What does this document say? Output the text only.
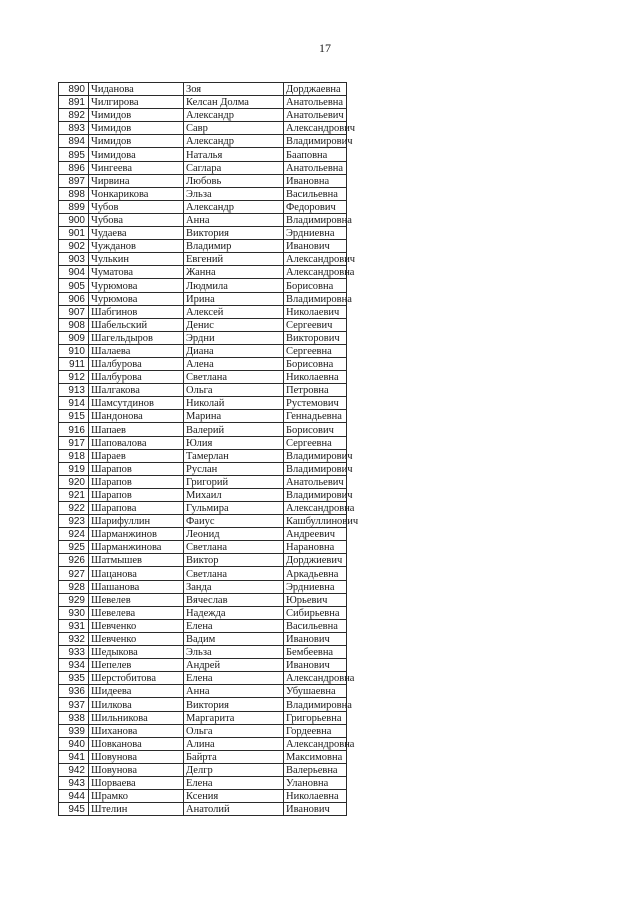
17
890	Чиданова	Зоя	Дорджаевна
891	Чилгирова	Келсан Долма	Анатольевна
892	Чимидов	Александр	Анатольевич
893	Чимидов	Савр	Александрович
894	Чимидов	Александр	Владимирович
895	Чимидова	Наталья	Бааповна
896	Чингеева	Саглара	Анатольевна
897	Чирвина	Любовь	Ивановна
898	Чонкарикова	Эльза	Васильевна
899	Чубов	Александр	Федорович
900	Чубова	Анна	Владимировна
901	Чудаева	Виктория	Эрдниевна
902	Чужданов	Владимир	Иванович
903	Чулькин	Евгений	Александрович
904	Чуматова	Жанна	Александровна
905	Чурюмова	Людмила	Борисовна
906	Чурюмова	Ирина	Владимировна
907	Шабгинов	Алексей	Николаевич
908	Шабельский	Денис	Сергеевич
909	Шагельдыров	Эрдни	Викторович
910	Шалаева	Диана	Сергеевна
911	Шалбурова	Алена	Борисовна
912	Шалбурова	Светлана	Николаевна
913	Шалгакова	Ольга	Петровна
914	Шамсутдинов	Николай	Рустемович
915	Шандонова	Марина	Геннадьевна
916	Шапаев	Валерий	Борисович
917	Шаповалова	Юлия	Сергеевна
918	Шараев	Тамерлан	Владимирович
919	Шарапов	Руслан	Владимирович
920	Шарапов	Григорий	Анатольевич
921	Шарапов	Михаил	Владимирович
922	Шарапова	Гульмира	Александровна
923	Шарифуллин	Фаиус	Кашбуллинович
924	Шарманжинов	Леонид	Андреевич
925	Шарманжинова	Светлана	Нарановна
926	Шатмышев	Виктор	Дорджиевич
927	Шацанова	Светлана	Аркадьевна
928	Шашанова	Занда	Эрдниевна
929	Шевелев	Вячеслав	Юрьевич
930	Шевелева	Надежда	Сибирьевна
931	Шевченко	Елена	Васильевна
932	Шевченко	Вадим	Иванович
933	Шедыкова	Эльза	Бембеевна
934	Шепелев	Андрей	Иванович
935	Шерстобитова	Елена	Александровна
936	Шидеева	Анна	Убушаевна
937	Шилкова	Виктория	Владимировна
938	Шильникова	Маргарита	Григорьевна
939	Шиханова	Ольга	Гордеевна
940	Шовканова	Алина	Александровна
941	Шовунова	Байрта	Максимовна
942	Шовунова	Делгр	Валерьевна
943	Шорваева	Елена	Улановна
944	Шрамко	Ксения	Николаевна
945	Штелин	Анатолий	Иванович
